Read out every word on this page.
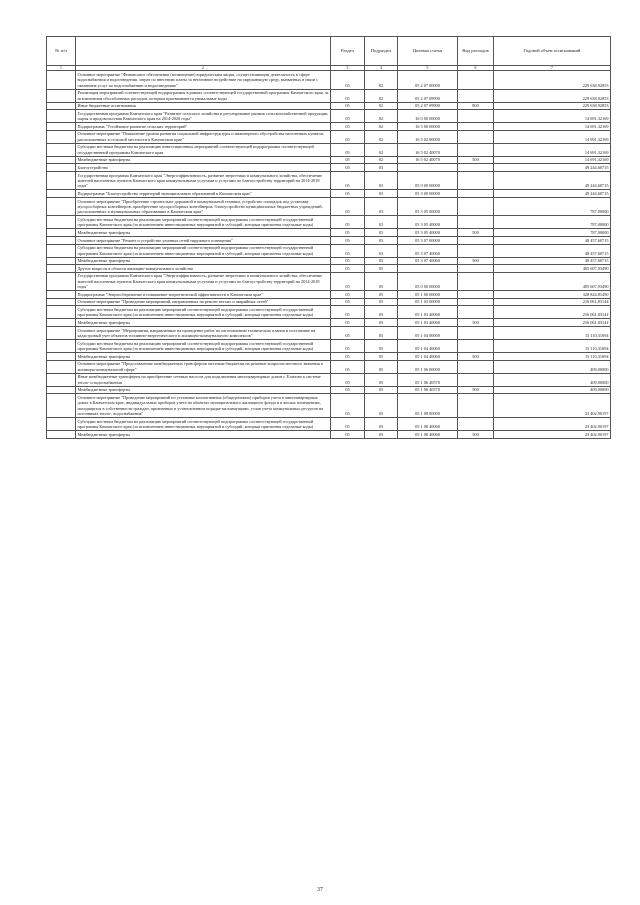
№ п/п		Раздел	Подраздел	Целевая статья	Вид расходов	Годовой объем ассигнований
1	2	3	4	5	6	7
	Основное мероприятие "Финансовое обеспечение (возмещение) юридическим лицам, осуществляющим деятельность в сфере водоснабжения и водоотведения, затрат по внесению платы за негативное воздействие на окружающую среду, вызванных в связи с оказанием услуг по водоснабжению и водоотведению"	05	02	05 2 07 00000		229 638,92853
	Реализация мероприятий соответствующей подпрограммы в рамках соответствующей государственной программы Камчатского края, за исключением обособленных расходов, которым присваиваются уникальные коды	05	02	05 2 07 09990		229 638,92853
	Иные бюджетные ассигнования	05	02	05 2 07 09990	800	229 638,92853
	Государственная программа Камчатского края "Развитие сельского хозяйства и регулирование рынков сельскохозяйственной продукции, сырья и продовольствия Камчатского края на 2014-2020 годы"	05	02	16 0 00 00000		14 691,32169
	Подпрограмма "Устойчивое развитие сельских территорий"	05	02	16 5 00 00000		14 691,32169
	Основное мероприятие "Повышение уровня развития социальной инфраструктуры и инженерного обустройства населенных пунктов, расположенных в сельской местности в Камчатском крае"	05	02	16 5 02 00000		14 691,32169
	Субсидии местным бюджетам на реализацию инвестиционных мероприятий соответствующей подпрограммы соответствующей государственной программы Камчатского края	05	02	16 5 02 40070		14 691,32169
	Межбюджетные трансферты	05	02	16 5 02 40070	500	14 691,32169
	Благоустройство	05	03			49 244,60715
	Государственная программа Камчатского края "Энергоэффективность, развитие энергетики и коммунального хозяйства, обеспечение жителей населенных пунктов Камчатского края коммунальными услугами и услугами по благоустройству территорий на 2014-2018 годы"	05	03	05 0 00 00000		49 244,60715
	Подпрограмма "Благоустройство территорий муниципальных образований в Камчатском крае"	05	03	05 3 00 00000		49 244,60715
	Основное мероприятие "Приобретение строительно-дорожной и коммунальной техники, устройство площадок под установку мусоросборных контейнеров, приобретение мусоросборных контейнеров, благоустройство муниципальных бюджетных учреждений, расположенных в муниципальных образованиях в Камчатском крае"	05	03	05 3 05 00000		787,00000
	Субсидии местным бюджетам на реализацию мероприятий соответствующей подпрограммы соответствующей государственной программы Камчатского края (за исключением инвестиционных мероприятий и субсидий, которым присвоены отдельные коды)	05	03	05 3 05 40000		787,00000
	Межбюджетные трансферты	05	03	05 3 05 40000	500	787,00000
	Основное мероприятие "Ремонт и устройство уличных сетей наружного освещения"	05	03	05 3 07 00000		48 457,60715
	Субсидии местным бюджетам на реализацию мероприятий соответствующей подпрограммы соответствующей государственной программы Камчатского края (за исключением инвестиционных мероприятий и субсидий, которым присвоены отдельные коды)	05	03	05 3 07 40060		48 457,60715
	Межбюджетные трансферты	05	03	05 3 07 40060	500	48 457,60715
	Другие вопросы в области жилищно-коммунального хозяйства	05	05			405 607,93490
	Государственная программа Камчатского края "Энергоэффективность, развитие энергетики и коммунального хозяйства, обеспечение жителей населенных пунктов Камчатского края коммунальными услугами и услугами по благоустройству территорий на 2014-2018 годы"	05	05	05 0 00 00000		405 607,93490
	Подпрограмма "Энергосбережение и повышение энергетической эффективности в Камчатском крае"	05	05	05 1 00 00000		328 824,81490
	Основное мероприятие "Проведение мероприятий, направленных на ремонт ветхих и аварийных сетей"	05	05	05 1 03 00000		216 061,83144
	Субсидии местным бюджетам на реализацию мероприятий соответствующей подпрограммы соответствующей государственной программы Камчатского края (за исключением инвестиционных мероприятий и субсидий, которым присвоены отдельные коды)	05	05	05 1 03 40060		216 061,83144
	Межбюджетные трансферты	05	05	05 1 03 40060	500	216 061,83144
	Основное мероприятие "Мероприятия, направленные на проведение работ по изготовлению технических планов и постановке на кадастровый учет объектов топливно-энергетического и жилищно-коммунального комплексов"	05	05	05 1 04 00000		15 110,31694
	Субсидии местным бюджетам на реализацию мероприятий соответствующей подпрограммы соответствующей государственной программы Камчатского края (за исключением инвестиционных мероприятий и субсидий, которым присвоены отдельные коды)	05	05	05 1 04 40060		15 110,31694
	Межбюджетные трансферты	05	05	05 1 04 40060	500	15 110,31694
	Основное мероприятие "Предоставление межбюджетных трансфертов местным бюджетам на решение вопросов местного значения в жилищно-коммунальной сфере"	05	05	05 1 06 00000		409,00000
	Иные межбюджетные трансферты на приобретение сетевых насосов для подключения многоквартирных домов г. Елизово к системе тепло- и водоснабжения	05	05	05 1 06 40570		409,00000
	Межбюджетные трансферты	05	05	05 1 06 40570	500	409,00000
	Основное мероприятие "Проведение мероприятий по установке коллективных (общедомовых) приборов учета в многоквартирных домах в Камчатском крае, индивидуальных приборов учета на объектах муниципального жилищного фонда и в жилых помещениях, находящихся в собственности граждан, признанных в установленном порядке малоимущими, узлов учета коммунальных ресурсов на источниках тепло-, водоснабжения"	05	05	05 1 08 00000		23 402,90197
	Субсидии местным бюджетам на реализацию мероприятий соответствующей подпрограммы соответствующей государственной программы Камчатского края (за исключением инвестиционных мероприятий и субсидий, которым присвоены отдельные коды)	05	05	05 1 08 40060		23 402,90197
	Межбюджетные трансферты	05	05	05 1 08 40060	500	23 402,90197
37
